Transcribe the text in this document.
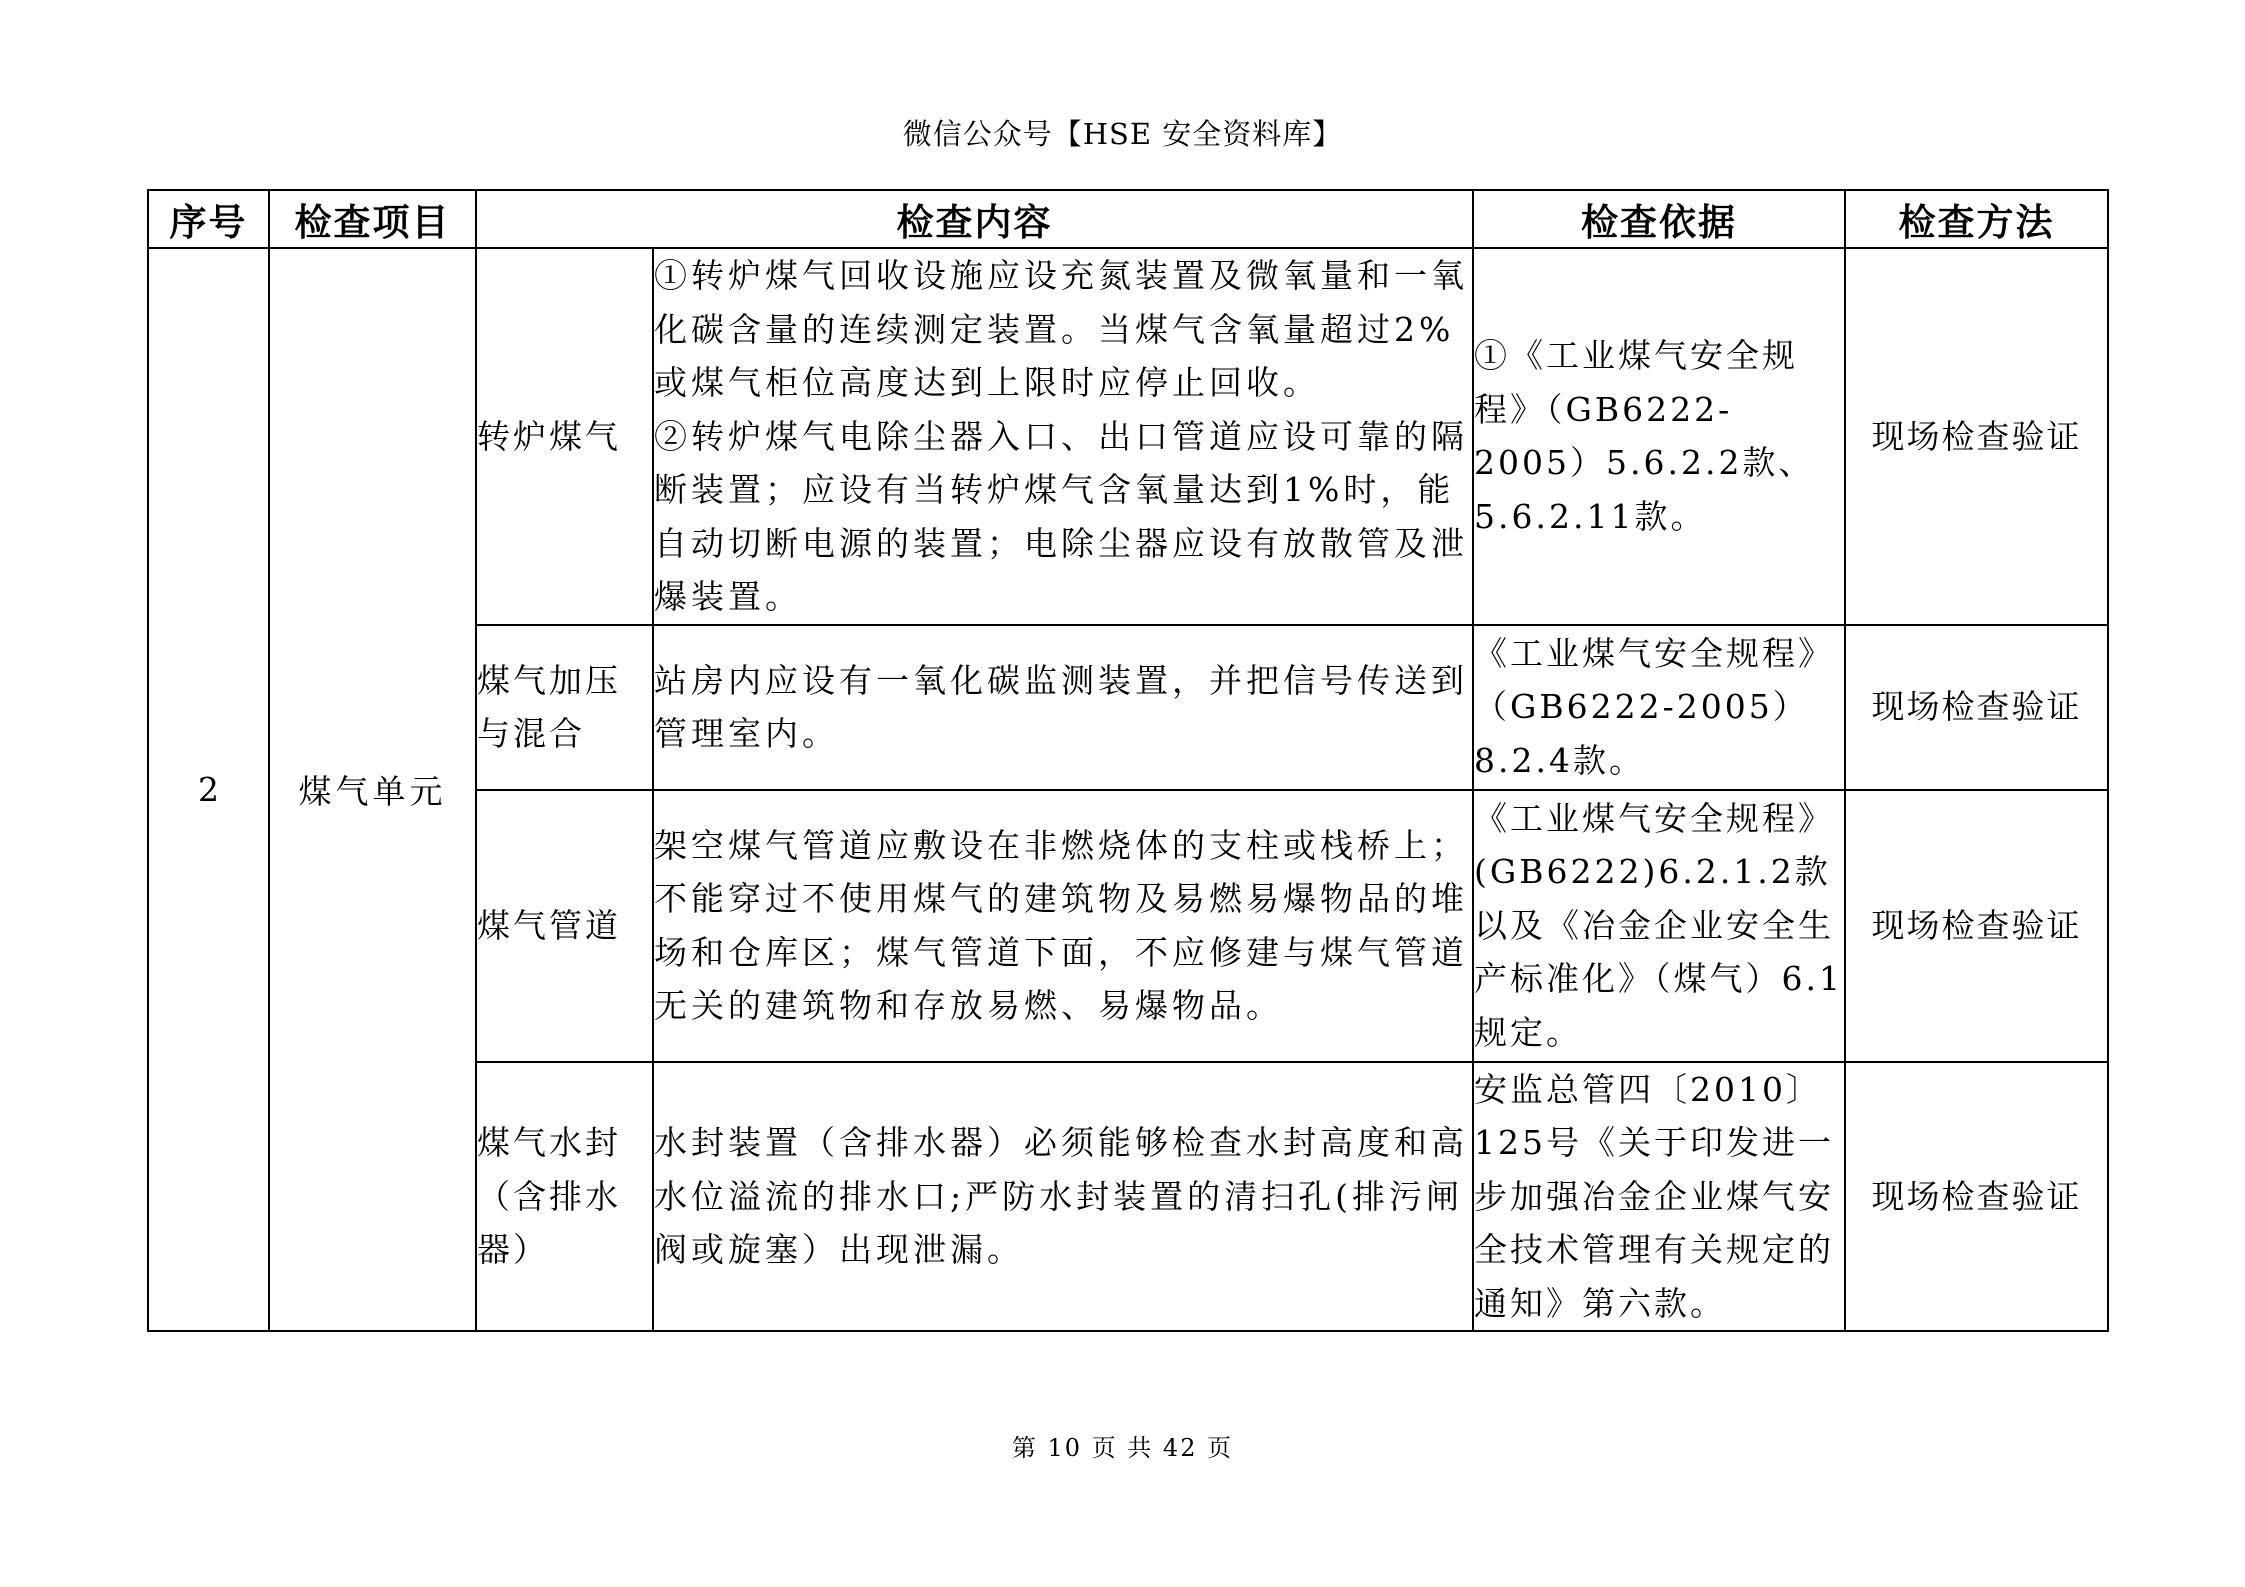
微信公众号【HSE 安全资料库】
序号	检查项目	检查内容		检查依据	检查方法
2	煤气单元	转炉煤气	①转炉煤气回收设施应设充氮装置及微氧量和一氧化碳含量的连续测定装置。当煤气含氧量超过2%或煤气柜位高度达到上限时应停止回收。
②转炉煤气电除尘器入口、出口管道应设可靠的隔断装置；应设有当转炉煤气含氧量达到1%时，能自动切断电源的装置；电除尘器应设有放散管及泄爆装置。	①《工业煤气安全规程》（GB6222-2005）5.6.2.2款、5.6.2.11款。	现场检查验证
		煤气加压与混合	站房内应设有一氧化碳监测装置，并把信号传送到管理室内。	《工业煤气安全规程》（GB6222-2005）8.2.4款。	现场检查验证
		煤气管道	架空煤气管道应敷设在非燃烧体的支柱或栈桥上；不能穿过不使用煤气的建筑物及易燃易爆物品的堆场和仓库区；煤气管道下面，不应修建与煤气管道无关的建筑物和存放易燃、易爆物品。	《工业煤气安全规程》(GB6222)6.2.1.2款以及《冶金企业安全生产标准化》（煤气）6.1规定。	现场检查验证
		煤气水封（含排水器）	水封装置（含排水器）必须能够检查水封高度和高水位溢流的排水口;严防水封装置的清扫孔(排污闸阀或旋塞）出现泄漏。	安监总管四〔2010〕125号《关于印发进一步加强冶金企业煤气安全技术管理有关规定的通知》第六款。	现场检查验证
第 10 页 共 42 页
